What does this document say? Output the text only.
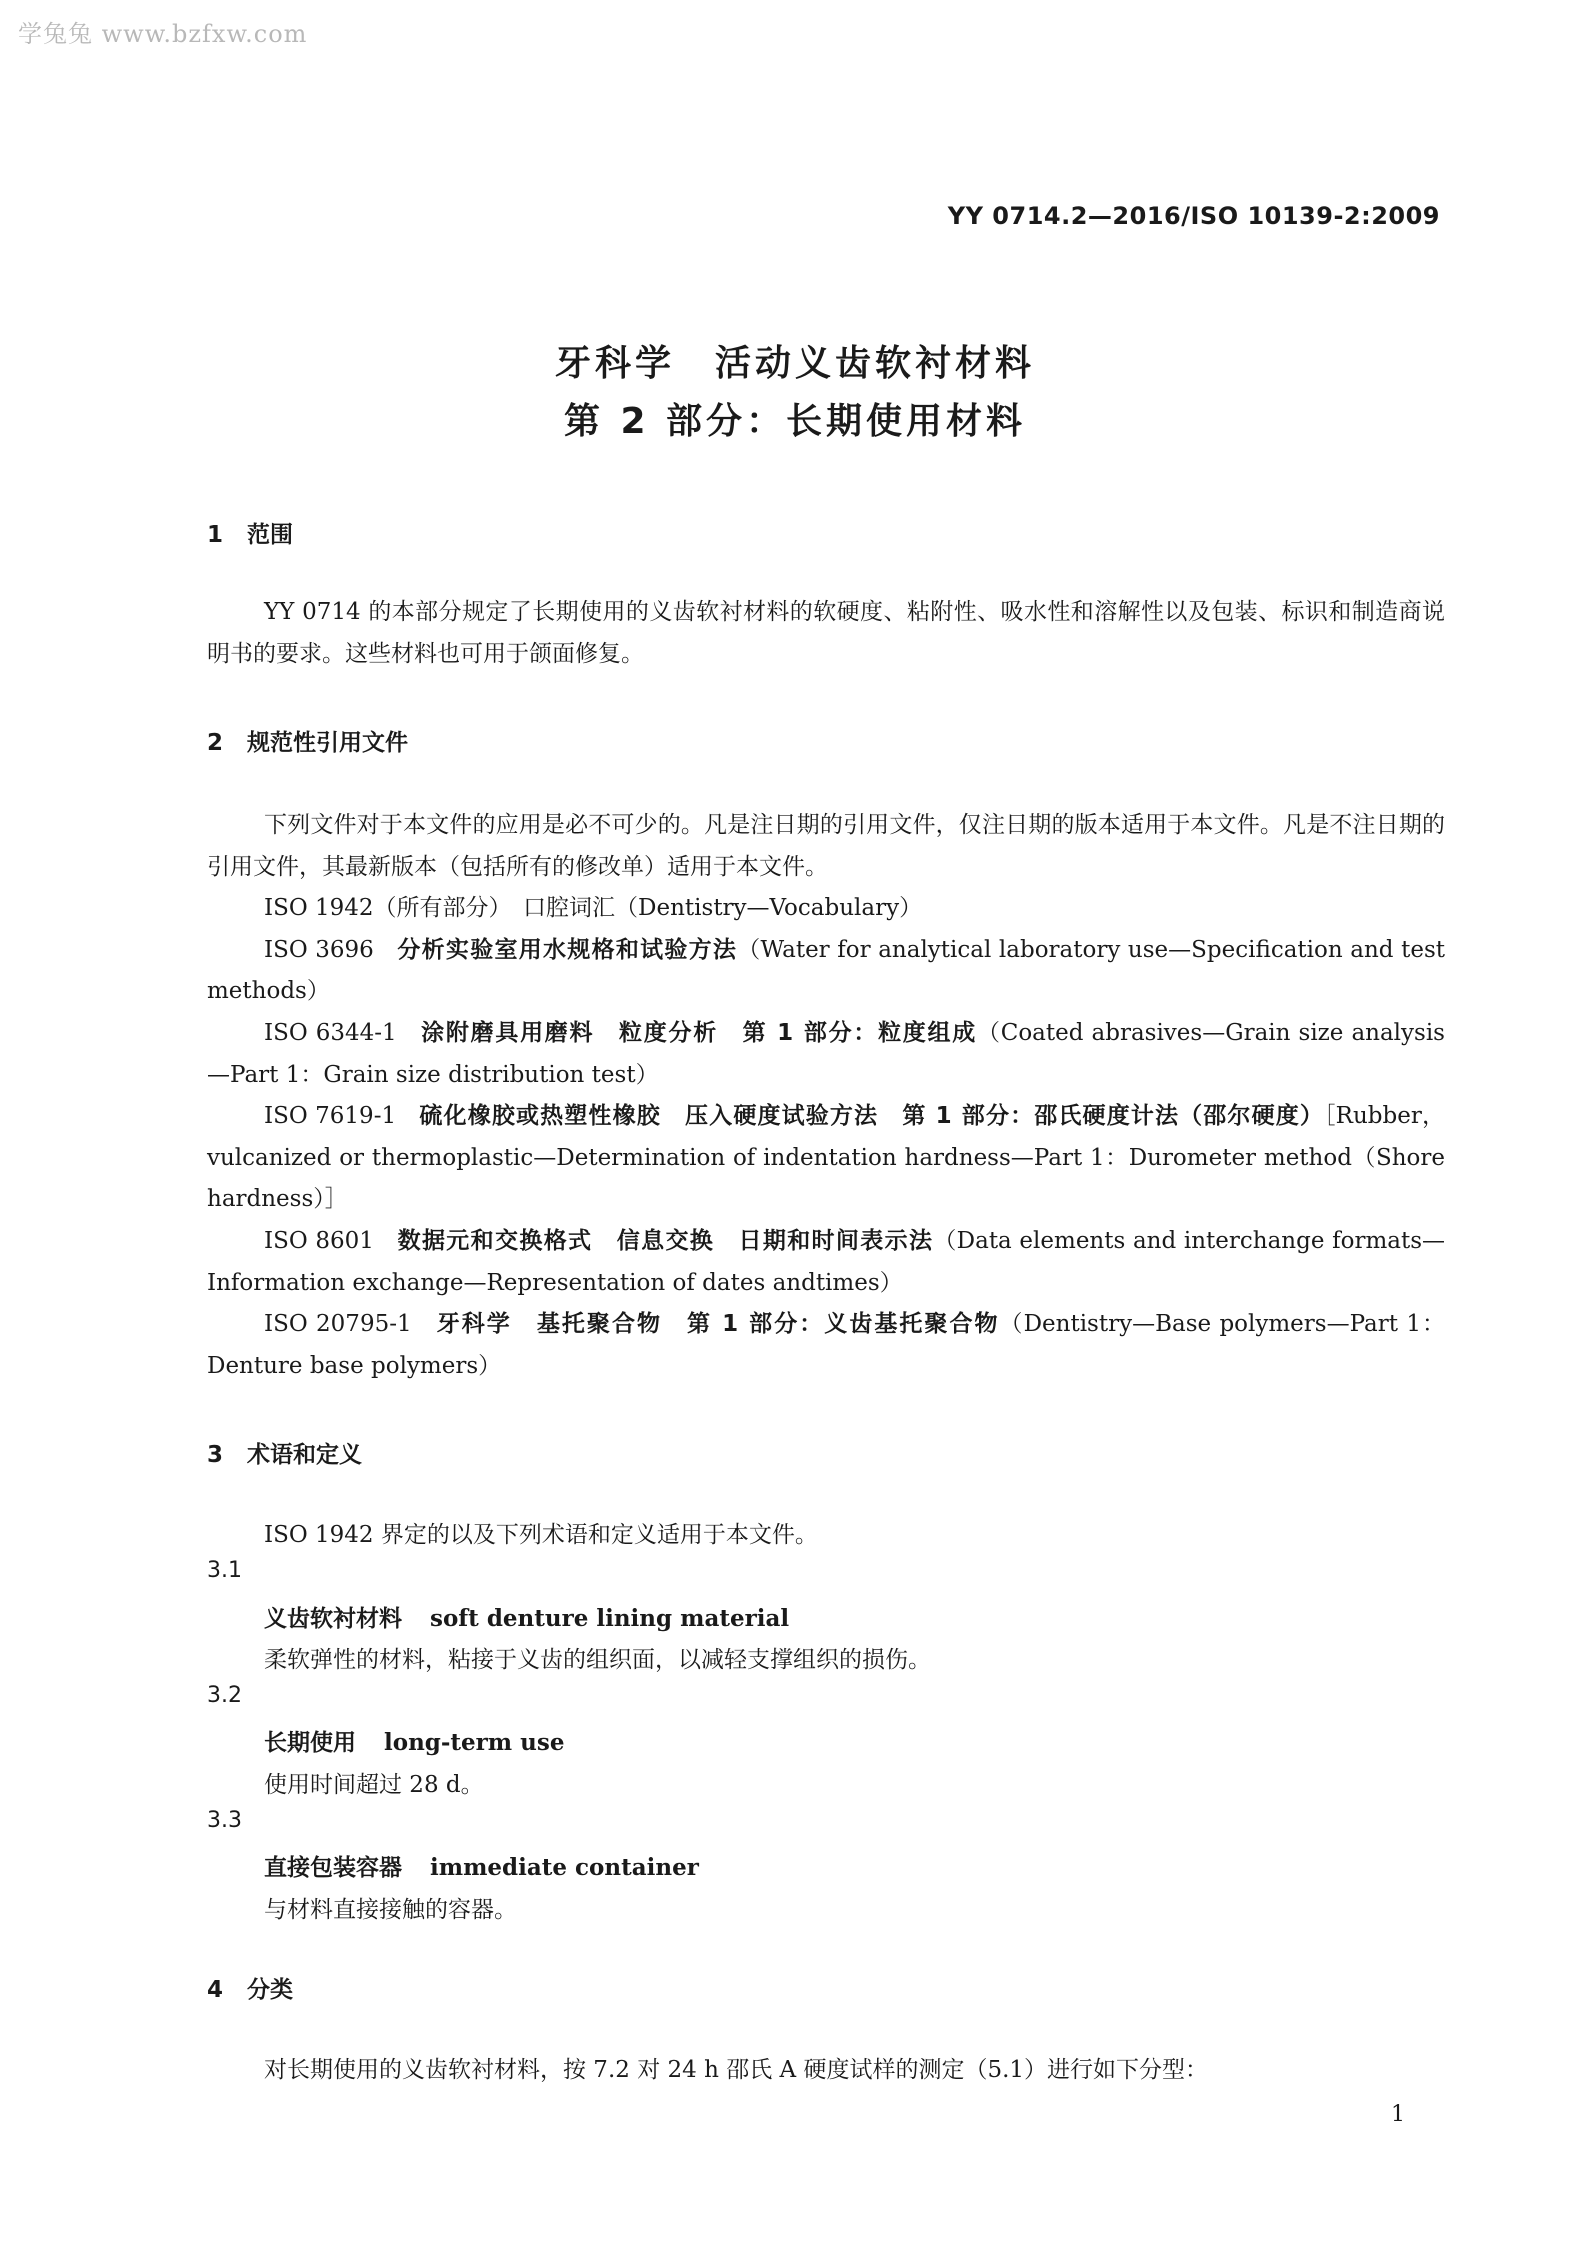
学兔兔 www.bzfxw.com
YY 0714.2—2016/ISO 10139-2:2009
牙科学　活动义齿软衬材料
第 2 部分：长期使用材料
1 范围

YY 0714 的本部分规定了长期使用的义齿软衬材料的软硬度、粘附性、吸水性和溶解性以及包装、标识和制造商说明书的要求。这些材料也可用于颌面修复。

2 规范性引用文件

下列文件对于本文件的应用是必不可少的。凡是注日期的引用文件，仅注日期的版本适用于本文件。凡是不注日期的引用文件，其最新版本（包括所有的修改单）适用于本文件。

ISO 1942（所有部分）　 口腔词汇（Dentistry—Vocabulary）

ISO 3696　 分析实验室用水规格和试验方法（Water for analytical laboratory use—Specification and test methods）

ISO 6344-1　 涂附磨具用磨料　粒度分析　第 1 部分：粒度组成（Coated abrasives—Grain size analysis—Part 1：Grain size distribution test）

ISO 7619-1　 硫化橡胶或热塑性橡胶　压入硬度试验方法　第 1 部分：邵氏硬度计法（邵尔硬度）［Rubber，vulcanized or thermoplastic—Determination of indentation hardness—Part 1：Durometer method（Shore hardness）］

ISO 8601　 数据元和交换格式　信息交换　日期和时间表示法（Data elements and interchange formats—Information exchange—Representation of dates andtimes）

ISO 20795-1　 牙科学　基托聚合物　第 1 部分：义齿基托聚合物（Dentistry—Base polymers—Part 1：Denture base polymers）

3 术语和定义
ISO 1942 界定的以及下列术语和定义适用于本文件。
3.1
义齿软衬材料 soft denture lining material
柔软弹性的材料，粘接于义齿的组织面，以减轻支撑组织的损伤。
3.2
长期使用 long-term use
使用时间超过 28 d。
3.3
直接包装容器 immediate container
与材料直接接触的容器。
4 分类
对长期使用的义齿软衬材料，按 7.2 对 24 h 邵氏 A 硬度试样的测定（5.1）进行如下分型：
1
